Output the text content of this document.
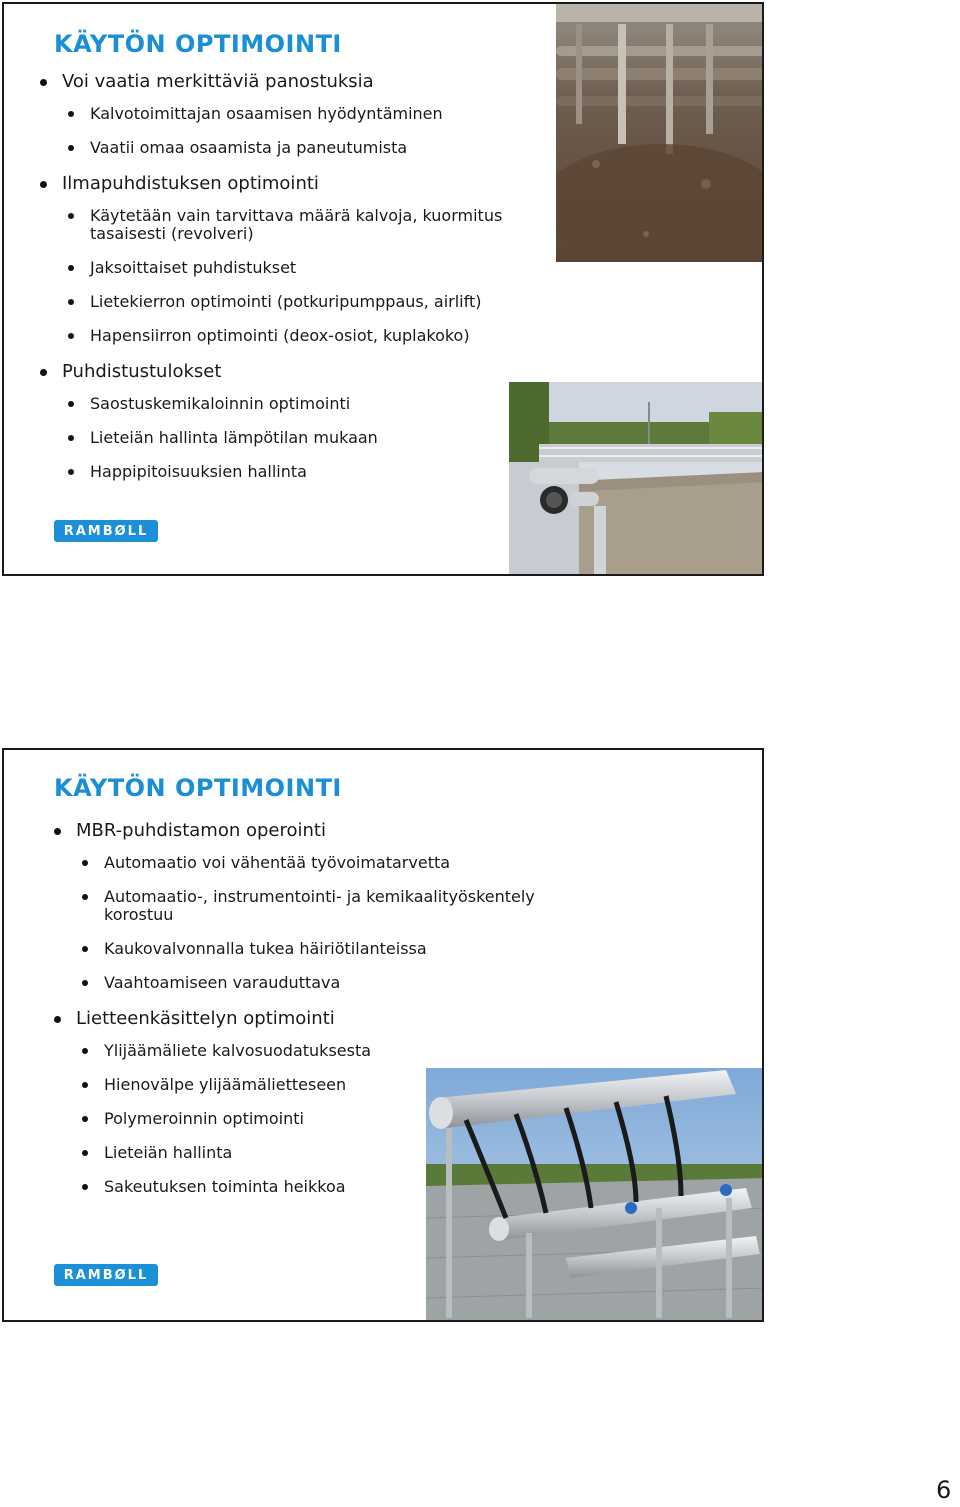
KÄYTÖN OPTIMOINTI
Voi vaatia merkittäviä panostuksia
Kalvotoimittajan osaamisen hyödyntäminen
Vaatii omaa osaamista ja paneutumista
Ilmapuhdistuksen optimointi
Käytetään vain tarvittava määrä kalvoja, kuormitus tasaisesti (revolveri)
Jaksoittaiset puhdistukset
Lietekierron optimointi (potkuripumppaus, airlift)
Hapensiirron optimointi (deox-osiot, kuplakoko)
Puhdistustulokset
Saostuskemikaloinnin optimointi
Lieteiän hallinta lämpötilan mukaan
Happipitoisuuksien hallinta
RAMBØLL
KÄYTÖN OPTIMOINTI
MBR-puhdistamon operointi
Automaatio voi vähentää työvoimatarvetta
Automaatio-, instrumentointi- ja kemikaalityöskentely korostuu
Kaukovalvonnalla tukea häiriötilanteissa
Vaahtoamiseen varauduttava
Lietteenkäsittelyn optimointi
Ylijäämäliete kalvosuodatuksesta
Hienovälpe ylijäämälietteseen
Polymeroinnin optimointi
Lieteiän hallinta
Sakeutuksen toiminta heikkoa
RAMBØLL
6
